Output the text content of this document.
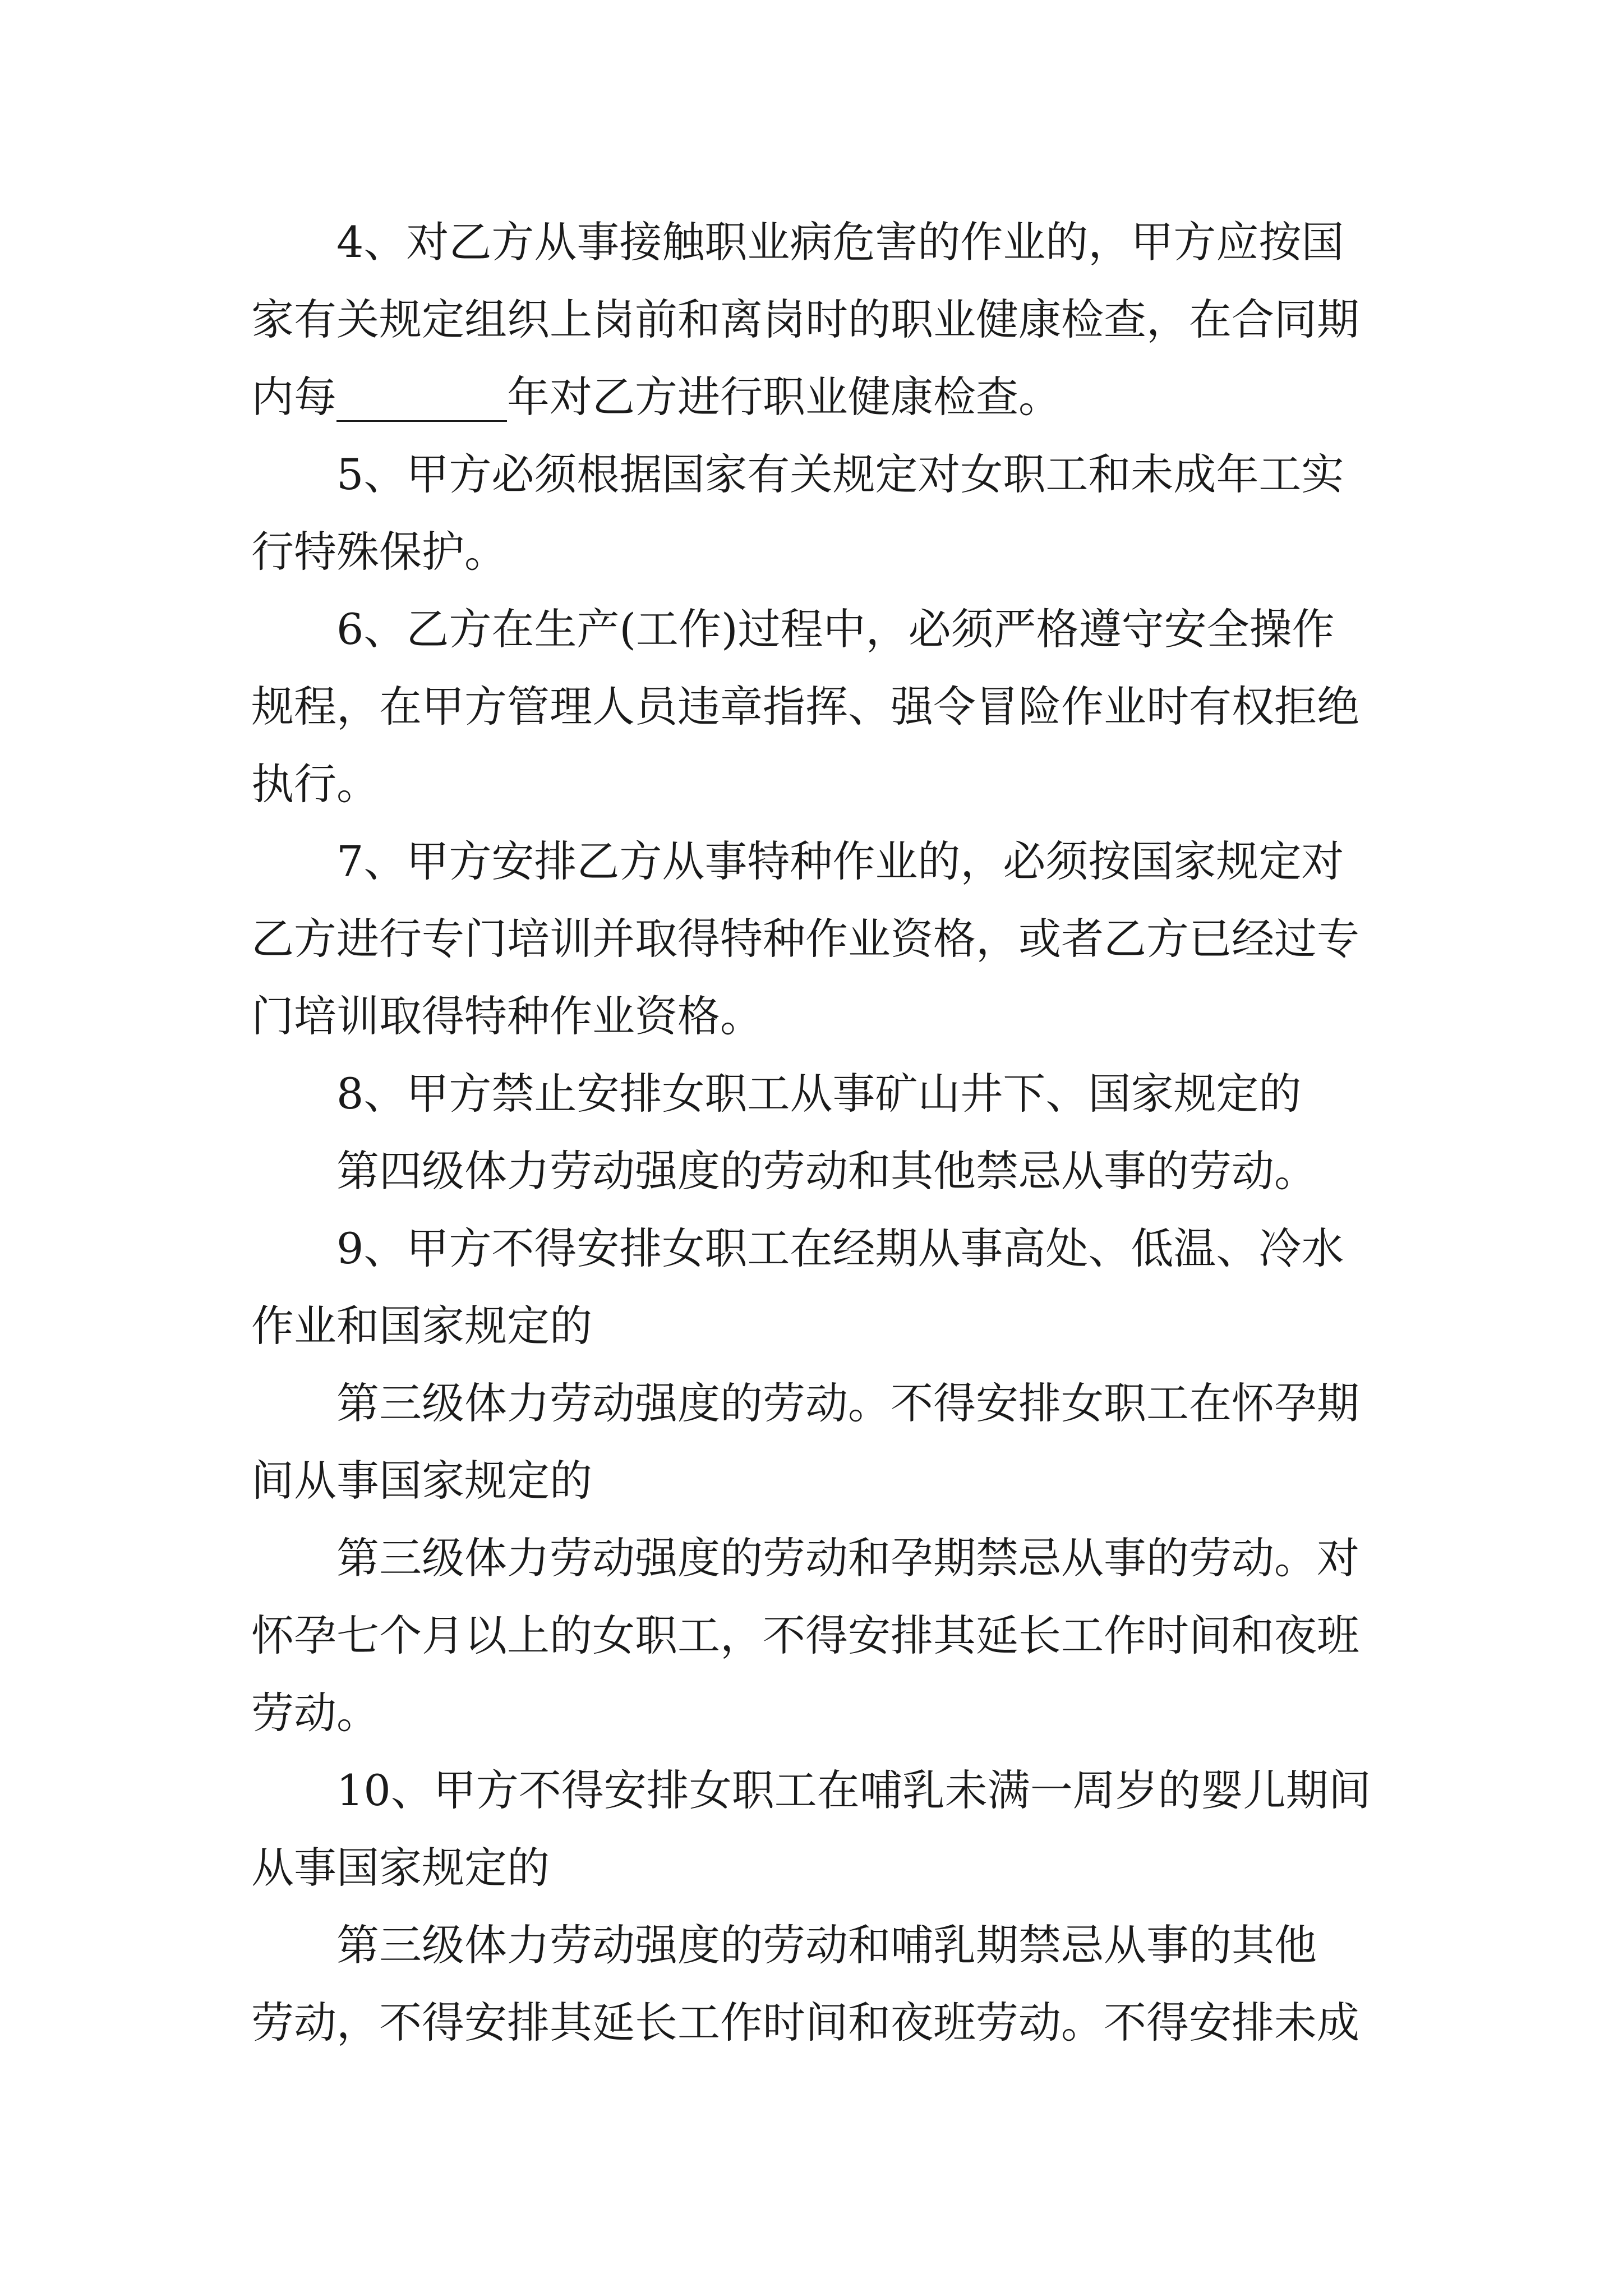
　　4、对乙方从事接触职业病危害的作业的，甲方应按国
家有关规定组织上岗前和离岗时的职业健康检查，在合同期
内每________年对乙方进行职业健康检查。
　　5、甲方必须根据国家有关规定对女职工和未成年工实
行特殊保护。
　　6、乙方在生产(工作)过程中，必须严格遵守安全操作
规程，在甲方管理人员违章指挥、强令冒险作业时有权拒绝
执行。
　　7、甲方安排乙方从事特种作业的，必须按国家规定对
乙方进行专门培训并取得特种作业资格，或者乙方已经过专
门培训取得特种作业资格。
　　8、甲方禁止安排女职工从事矿山井下、国家规定的
　　第四级体力劳动强度的劳动和其他禁忌从事的劳动。
　　9、甲方不得安排女职工在经期从事高处、低温、冷水
作业和国家规定的
　　第三级体力劳动强度的劳动。不得安排女职工在怀孕期
间从事国家规定的
　　第三级体力劳动强度的劳动和孕期禁忌从事的劳动。对
怀孕七个月以上的女职工，不得安排其延长工作时间和夜班
劳动。
　　10、甲方不得安排女职工在哺乳未满一周岁的婴儿期间
从事国家规定的
　　第三级体力劳动强度的劳动和哺乳期禁忌从事的其他
劳动，不得安排其延长工作时间和夜班劳动。不得安排未成
